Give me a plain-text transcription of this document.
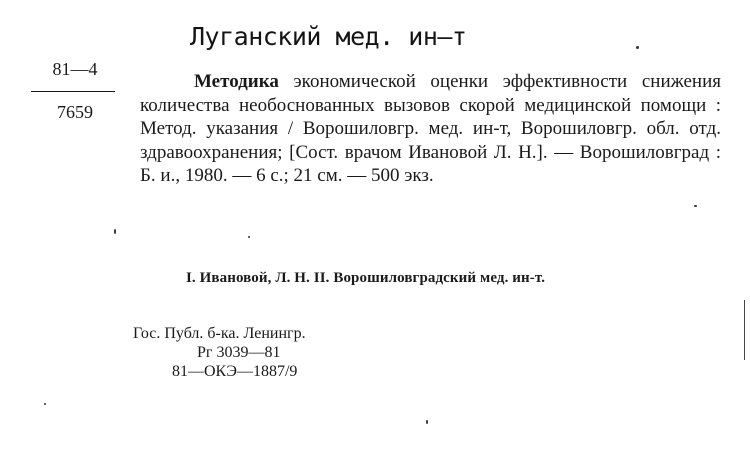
Луганский мед. ин–т
81—4
7659
Методика экономической оценки эффективности снижения количества необоснованных вызовов скорой медицинской помощи : Метод. указания / Ворошиловгр. мед. ин-т, Ворошиловгр. обл. отд. здравоохранения; [Сост. врачом Ивановой Л. Н.]. — Ворошиловград : Б. и., 1980. — 6 с.; 21 см. — 500 экз.
I. Ивановой, Л. Н. II. Ворошиловградский мед. ин-т.
Гос. Публ. б-ка. Ленингр.
Рг 3039—81
81—ОКЭ—1887/9
